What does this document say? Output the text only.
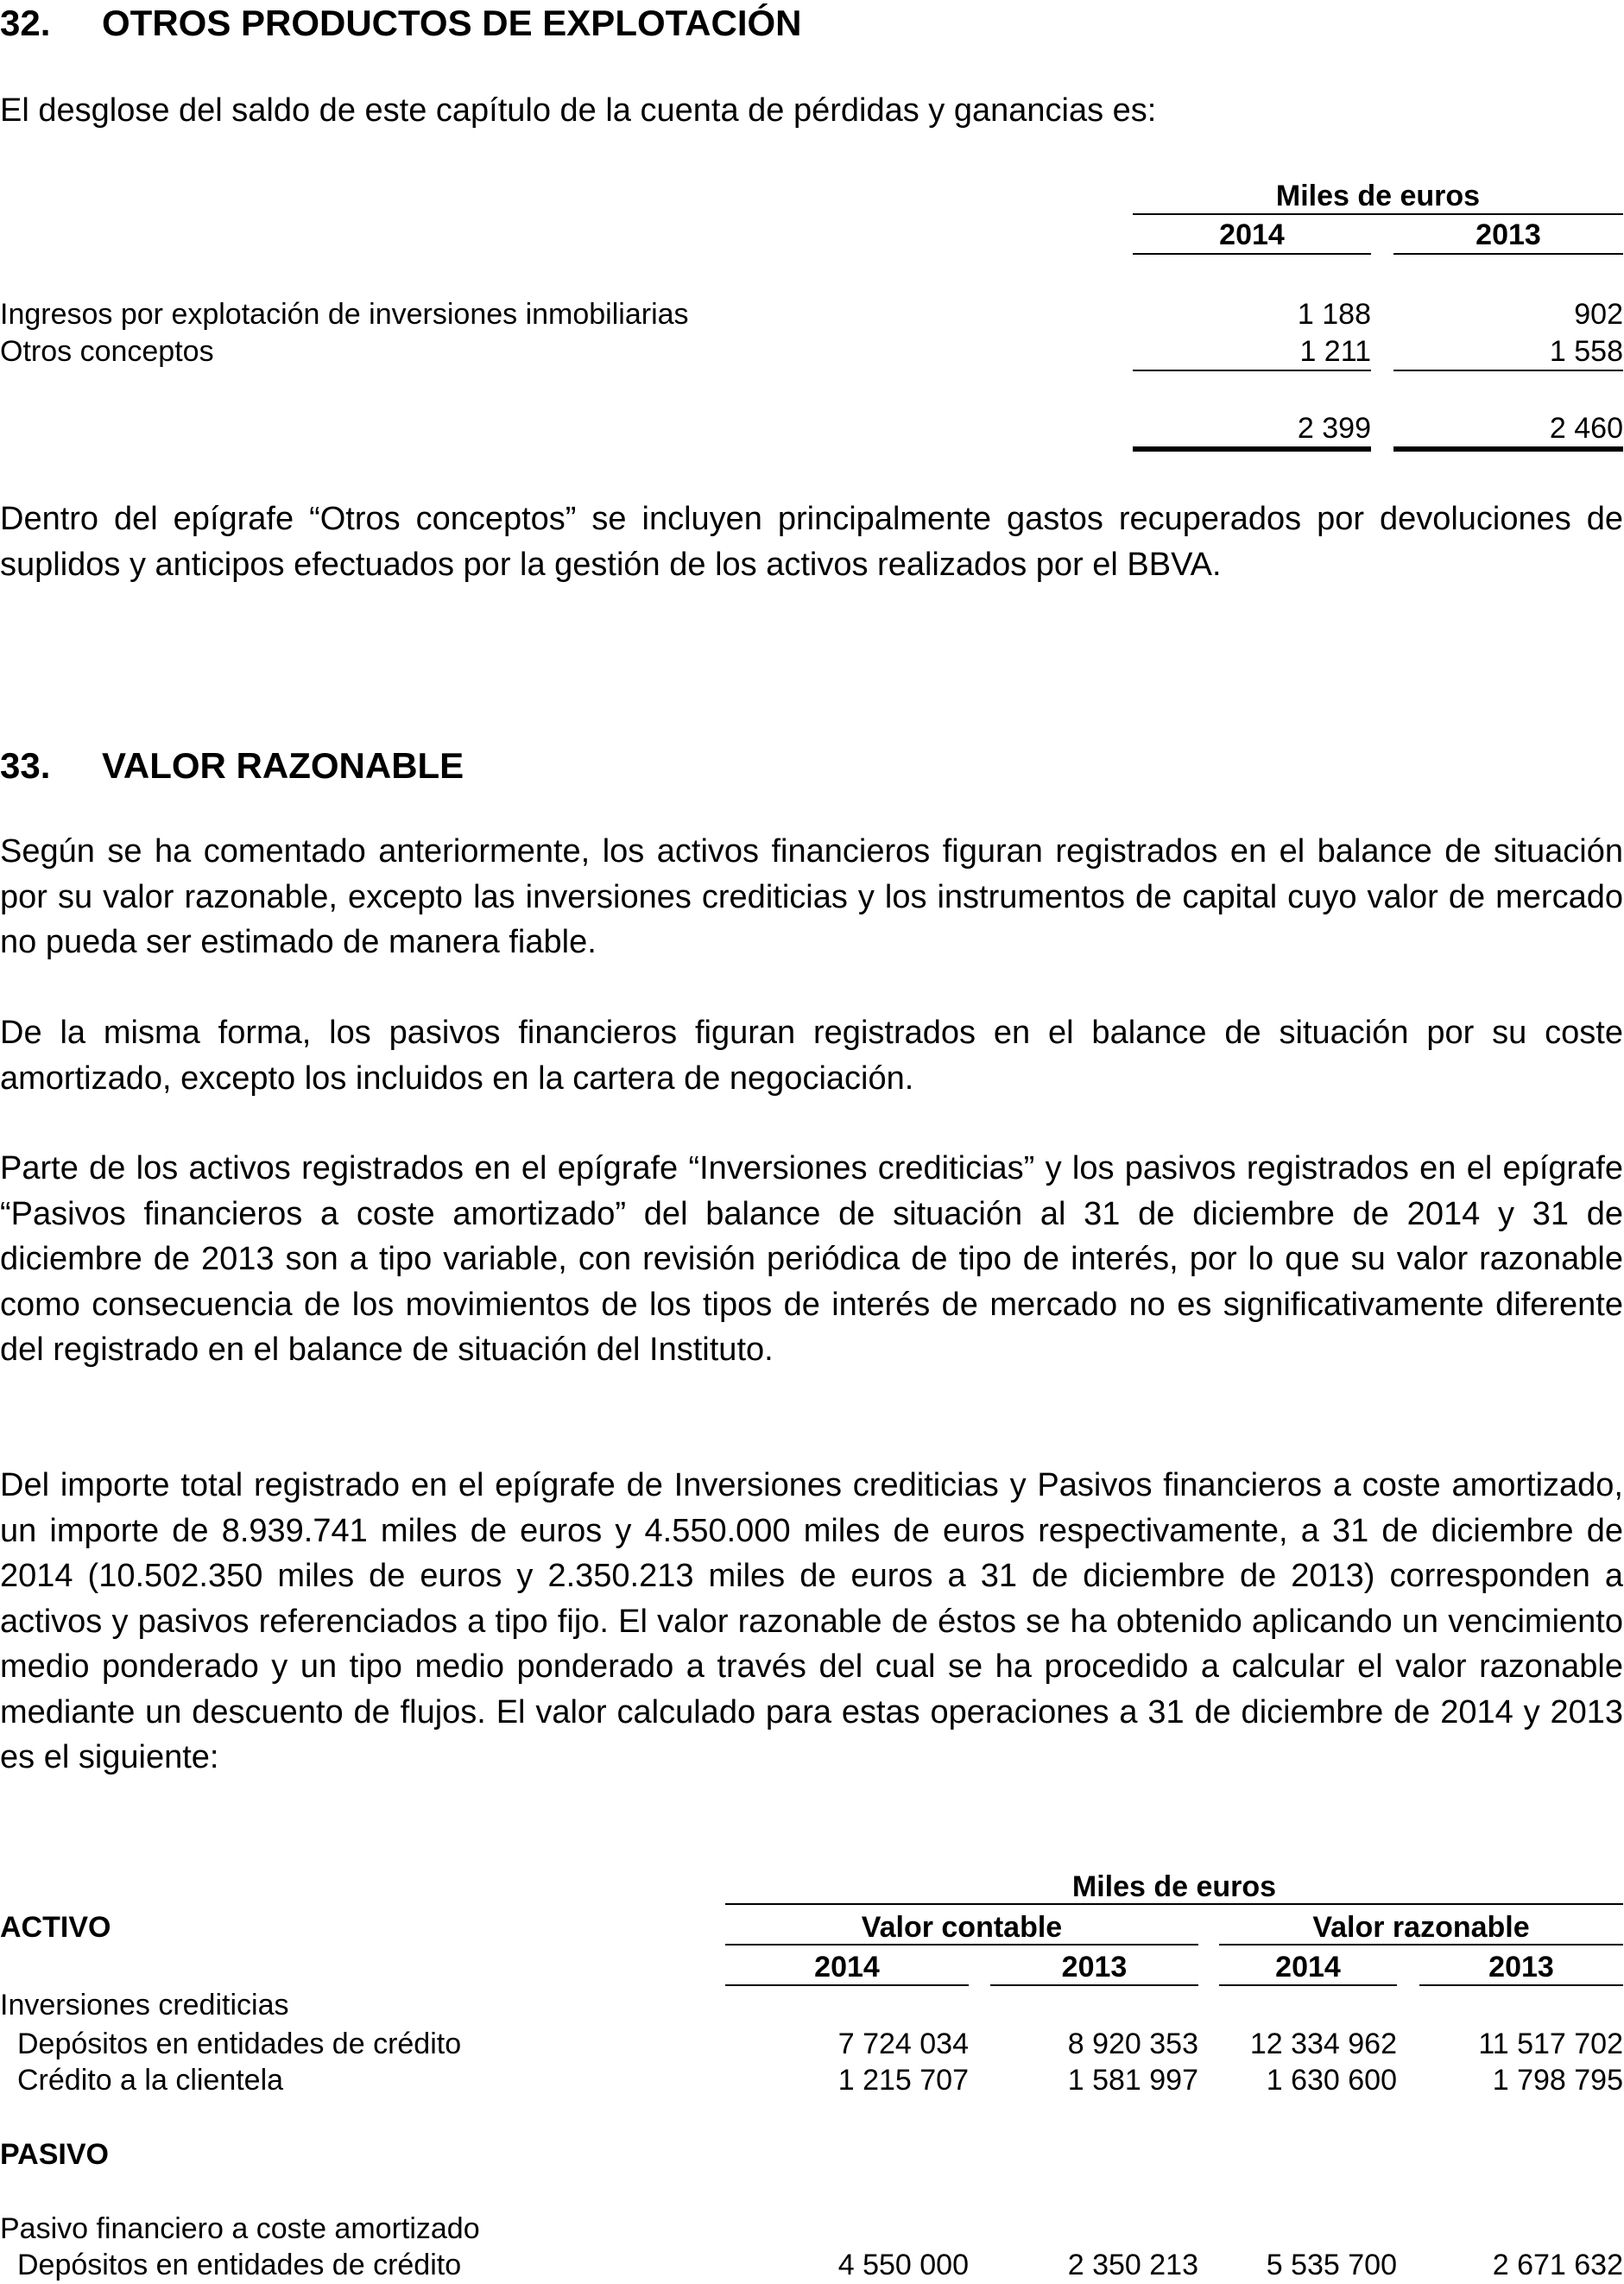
32. OTROS PRODUCTOS DE EXPLOTACIÓN

El desglose del saldo de este capítulo de la cuenta de pérdidas y ganancias es:

Miles de euros
2014	2013
Ingresos por explotación de inversiones inmobiliarias	1 188	902
Otros conceptos	1 211	1 558
2 399	2 460

Dentro del epígrafe “Otros conceptos” se incluyen principalmente gastos recuperados por devoluciones de suplidos y anticipos efectuados por la gestión de los activos realizados por el BBVA.

33. VALOR RAZONABLE

Según se ha comentado anteriormente, los activos financieros figuran registrados en el balance de situación por su valor razonable, excepto las inversiones crediticias y los instrumentos de capital cuyo valor de mercado no pueda ser estimado de manera fiable.

De la misma forma, los pasivos financieros figuran registrados en el balance de situación por su coste amortizado, excepto los incluidos en la cartera de negociación.

Parte de los activos registrados en el epígrafe “Inversiones crediticias” y los pasivos registrados en el epígrafe “Pasivos financieros a coste amortizado” del balance de situación al 31 de diciembre de 2014 y 31 de diciembre de 2013 son a tipo variable, con revisión periódica de tipo de interés, por lo que su valor razonable como consecuencia de los movimientos de los tipos de interés de mercado no es significativamente diferente del registrado en el balance de situación del Instituto.

Del importe total registrado en el epígrafe de Inversiones crediticias y Pasivos financieros a coste amortizado, un importe de 8.939.741 miles de euros y 4.550.000 miles de euros respectivamente, a 31 de diciembre de 2014 (10.502.350 miles de euros y 2.350.213 miles de euros a 31 de diciembre de 2013) corresponden a activos y pasivos referenciados a tipo fijo. El valor razonable de éstos se ha obtenido aplicando un vencimiento medio ponderado y un tipo medio ponderado a través del cual se ha procedido a calcular el valor razonable mediante un descuento de flujos. El valor calculado para estas operaciones a 31 de diciembre de 2014 y 2013 es el siguiente:

Miles de euros
ACTIVO	Valor contable	Valor razonable
2014	2013	2014	2013
Inversiones crediticias
Depósitos en entidades de crédito	7 724 034	8 920 353	12 334 962	11 517 702
Crédito a la clientela	1 215 707	1 581 997	1 630 600	1 798 795
PASIVO
Pasivo financiero a coste amortizado
Depósitos en entidades de crédito	4 550 000	2 350 213	5 535 700	2 671 632
